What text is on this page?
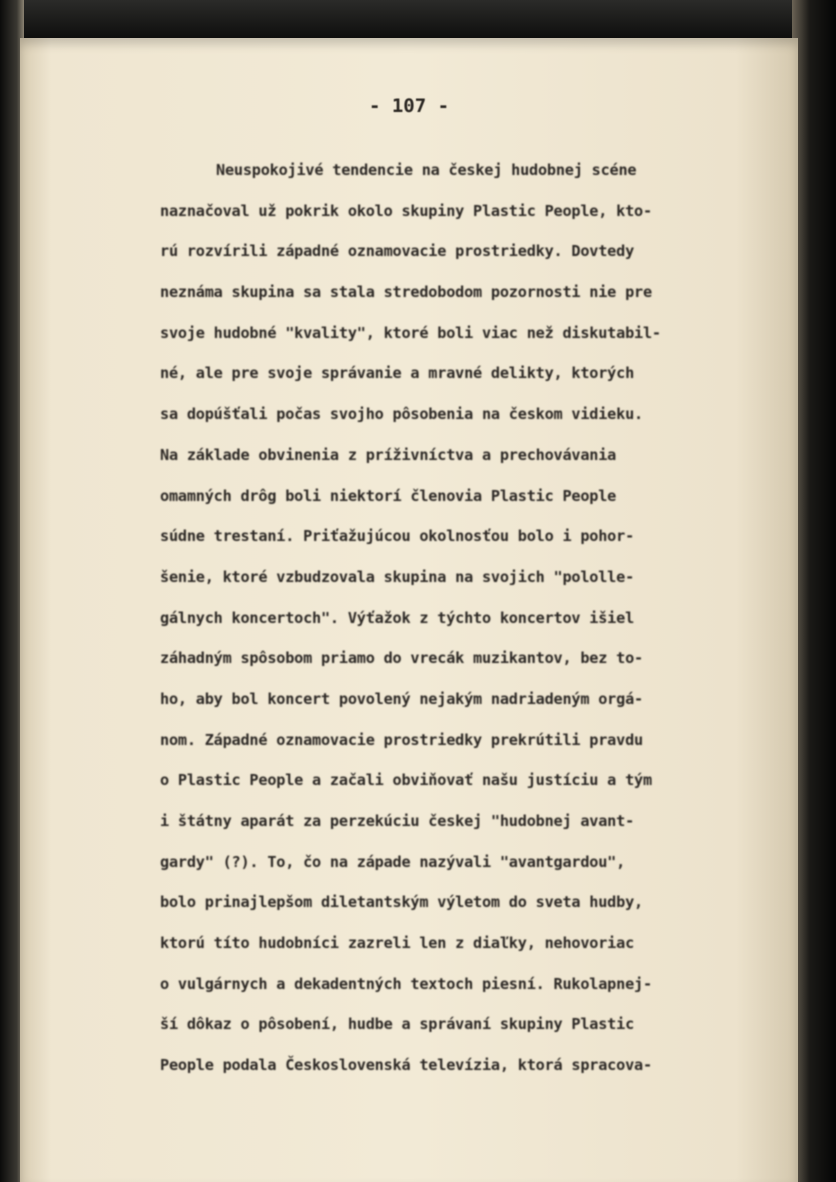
- 107 -
Neuspokojivé tendencie na českej hudobnej scéne
naznačoval už pokrik okolo skupiny Plastic People, kto-
rú rozvírili západné oznamovacie prostriedky. Dovtedy
neznáma skupina sa stala stredobodom pozornosti nie pre
svoje hudobné "kvality", ktoré boli viac než diskutabil-
né, ale pre svoje správanie a mravné delikty, ktorých
sa dopúšťali počas svojho pôsobenia na českom vidieku.
Na základe obvinenia z príživníctva a prechovávania
omamných drôg boli niektorí členovia Plastic People
súdne trestaní. Priťažujúcou okolnosťou bolo i pohor-
šenie, ktoré vzbudzovala skupina na svojich "pololle-
gálnych koncertoch". Výťažok z týchto koncertov išiel
záhadným spôsobom priamo do vrecák muzikantov, bez to-
ho, aby bol koncert povolený nejakým nadriadeným orgá-
nom. Západné oznamovacie prostriedky prekrútili pravdu
o Plastic People a začali obviňovať našu justíciu a tým
i štátny aparát za perzekúciu českej "hudobnej avant-
gardy" (?). To, čo na západe nazývali "avantgardou",
bolo prinajlepšom diletantským výletom do sveta hudby,
ktorú títo hudobníci zazreli len z diaľky, nehovoriac
o vulgárnych a dekadentných textoch piesní. Rukolapnej-
ší dôkaz o pôsobení, hudbe a správaní skupiny Plastic
People podala Československá televízia, ktorá spracova-
